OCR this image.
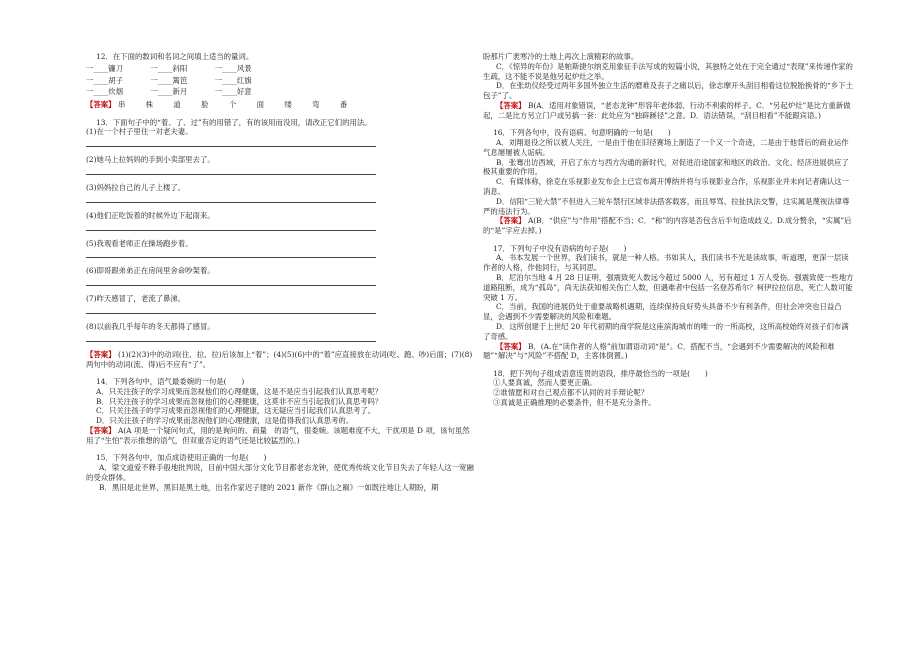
12．在下面的数词和名词之间填上适当的量词。
一____镰刀	一____斜阳	一____风景
一____胡子	一____篱笆	一____红旗
一____炊烟	一____新月	一____好意
【答案】 串 株 道 脸 个 面 缕 弯 番
13．下面句子中的“着、了、过”有的用错了，有的该用而没用，请改正它们的用法。
(1)在一个村子里住一对老夫妻。
(2)她马上拉妈妈的手到小卖部里去了。
(3)妈妈拉自己的儿子上楼了。
(4)他们正吃饭着的时候外边下起雨来。
(5)我观看老师正在操场跑步着。
(6)即哥跟弟弟正在房间里舍命吵架着。
(7)昨天感冒了，老流了鼻涕。
(8)以前我几乎每年的冬天都得了感冒。
【答案】 (1)(2)(3)中的动词(住、拉、拉)后该加上“着”；(4)(5)(6)中的“着”应直接放在动词(吃、跑、吵)后面；(7)(8)两句中的动词(流、得)后不应有“了”。
14．下列各句中，语气最委婉的一句是(　　)
A．只关注孩子的学习成果而忽视他们的心理健康，这是不是应当引起我们认真思考呢？
B．只关注孩子的学习成果而忽视他们的心理健康，这莫非不应当引起我们认真思考吗？
C．只关注孩子的学习成果而忽视他们的心理健康，这无疑应当引起我们认真思考了。
D．只关注孩子的学习成果而忽视他们的心理健康，这是值得我们认真思考的。
【答案】 A(A 项是一个疑问句式，用的是询问的、商量　的语气，很委婉。该题难度不大，干扰项是 D 项，该句虽然用了“生怕”表示推想的语气，但双重否定的语气还是比较猛烈的。)
15．下列各句中，加点成语使用正确的一句是(　　)
A．梁文道爱不释手般地批判说，目前中国大部分文化节目都老态龙钟，使优秀传统文化节目失去了年轻人这一宽融的受众群体。
B．黑旧是北世界，黑旧是黑土地，出名作家迟子建的 2021 新作《群山之巅》一如既往地让人期盼，期
盼那片广袤寒冷的土地上再次上演精彩的故事。
C．《惊异的年份》是帕斯捷尔纳克用象征手法写成的短篇小说，其独特之处在于完全通过“表现”来传递作家的生疏，这不能不说是他另起炉灶之举。
D．在张幼仪经受过两年多国外独立生活的磨难及丧子之痛以后，徐志摩开头刮目相看这位脱胎换骨的“乡下土包子”了。
【答案】 B(A．适用对象错误，“老态龙钟”形容年老体弱、行动不利索的样子。C．“另起炉灶”是比方重新做起，二是比方另立门户或另搞一套：此处应为“独辟蹊径”之意。D．语法错误，“刮目相看”不能跟宾语。)
16．下列各句中，没有语病、句意明确的一句是(　　)
A．刘翔退役之所以被人关注，一是由于他在旧径赛场上制造了一个又一个奇迹，二是由于他背后的商业运作气息屡屡被人诟病。
B．张骞出访西域，开启了东方与西方沟通的新时代，对促进沿途国家和地区的政治、文化、经济进展供应了极其重要的作用。
C．有媒体称，徐克在乐视影业发布会上已宣布离开博纳并将与乐视影业合作，乐视影业并未向记者确认这一消息。
D．信阳“三轮大禁”不但进入三轮车禁行区域非法搭客载客，而且辱骂、拉扯执法交警，这实属是蔑视法律尊严的违法行为。
【答案】 A(B．“供应”与“作用”搭配不当；C．“称”的内容是否包含后半句造成歧义。D.成分赘余，“实属”后的“是”字应去掉。)
17．下列句子中没有语病的句子是(　　)
A．书本发展一个世界，我们读书，就是一种人格。书如其人，我们读书不光是读故事，听道理，更深一层读作者的人格，作他同行，与其同思。
B．尼泊尔当地 4 月 28 日证明，强震致死人数远今超过 5000 人，另有超过 1 万人受伤。强震致使一些地方道路阻断，成为“孤岛”，尚无法获知相关伤亡人数，但遇难者中包括一名登苏希尔？柯伊拉拉信息，死亡人数可能突破 1 万。
C．当前，我国的进展仍处于重要战略机遇期，连续保持良好势头具备不少有利条件，但社会冲突也日益凸显，会遇到不少需要解决的风险和难题。
D．这所创建于上世纪 20 年代初期的商学院是这座滨海城市的唯一的一所高校，这所高校始终对孩子们布满了奇感。
【答案】 B．(A.在“读作者的人格”前加谓语动词“是”。C．搭配不当，“会遇到不少需要解决的风险和难题”“解决”与“风险”不搭配 D，主客体倒置。)
18．把下列句子组成语意连贯的语段，排序最恰当的一项是(　　)
①人要真诚，然而人要更正确。
②谁情愿和对自己观点都不认同的对手辩论呢？
③真诚是正确推理的必要条件，但不是充分条件。
